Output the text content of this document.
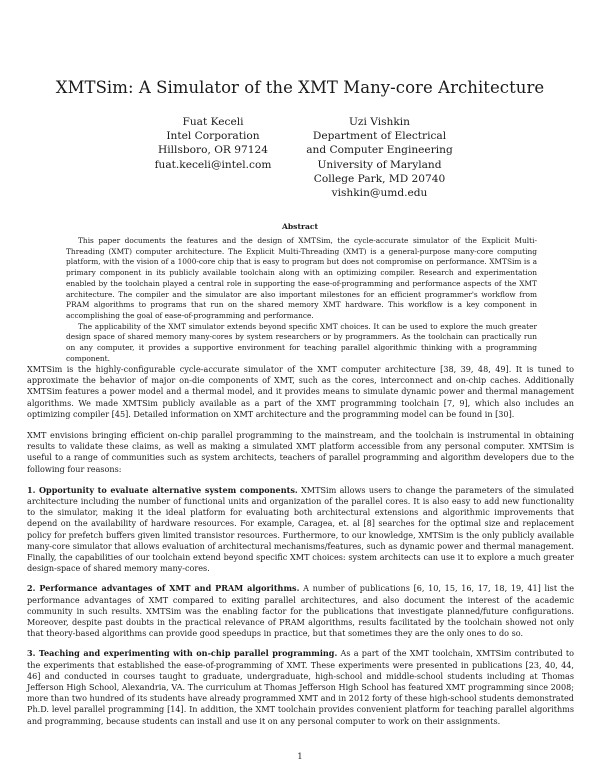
XMTSim: A Simulator of the XMT Many-core Architecture
Fuat Keceli
Intel Corporation
Hillsboro, OR 97124
fuat.keceli@intel.com
Uzi Vishkin
Department of Electrical
and Computer Engineering
University of Maryland
College Park, MD 20740
vishkin@umd.edu
Abstract

This paper documents the features and the design of XMTSim, the cycle-accurate simulator of the Explicit Multi-Threading (XMT) computer architecture. The Explicit Multi-Threading (XMT) is a general-purpose many-core computing platform, with the vision of a 1000-core chip that is easy to program but does not compromise on performance. XMTSim is a primary component in its publicly available toolchain along with an optimizing compiler. Research and experimentation enabled by the toolchain played a central role in supporting the ease-of-programming and performance aspects of the XMT architecture. The compiler and the simulator are also important milestones for an efficient programmer's workflow from PRAM algorithms to programs that run on the shared memory XMT hardware. This workflow is a key component in accomplishing the goal of ease-of-programming and performance.

The applicability of the XMT simulator extends beyond specific XMT choices. It can be used to explore the much greater design space of shared memory many-cores by system researchers or by programmers. As the toolchain can practically run on any computer, it provides a supportive environment for teaching parallel algorithmic thinking with a programming component.

XMTSim is the highly-configurable cycle-accurate simulator of the XMT computer architecture [38, 39, 48, 49]. It is tuned to approximate the behavior of major on-die components of XMT, such as the cores, interconnect and on-chip caches. Additionally XMTSim features a power model and a thermal model, and it provides means to simulate dynamic power and thermal management algorithms. We made XMTSim publicly available as a part of the XMT programming toolchain [7, 9], which also includes an optimizing compiler [45]. Detailed information on XMT architecture and the programming model can be found in [30].

XMT envisions bringing efficient on-chip parallel programming to the mainstream, and the toolchain is instrumental in obtaining results to validate these claims, as well as making a simulated XMT platform accessible from any personal computer. XMTSim is useful to a range of communities such as system architects, teachers of parallel programming and algorithm developers due to the following four reasons:

1. Opportunity to evaluate alternative system components. XMTSim allows users to change the parameters of the simulated architecture including the number of functional units and organization of the parallel cores. It is also easy to add new functionality to the simulator, making it the ideal platform for evaluating both architectural extensions and algorithmic improvements that depend on the availability of hardware resources. For example, Caragea, et. al [8] searches for the optimal size and replacement policy for prefetch buffers given limited transistor resources. Furthermore, to our knowledge, XMTSim is the only publicly available many-core simulator that allows evaluation of architectural mechanisms/features, such as dynamic power and thermal management. Finally, the capabilities of our toolchain extend beyond specific XMT choices: system architects can use it to explore a much greater design-space of shared memory many-cores.

2. Performance advantages of XMT and PRAM algorithms. A number of publications [6, 10, 15, 16, 17, 18, 19, 41] list the performance advantages of XMT compared to exiting parallel architectures, and also document the interest of the academic community in such results. XMTSim was the enabling factor for the publications that investigate planned/future configurations. Moreover, despite past doubts in the practical relevance of PRAM algorithms, results facilitated by the toolchain showed not only that theory-based algorithms can provide good speedups in practice, but that sometimes they are the only ones to do so.

3. Teaching and experimenting with on-chip parallel programming. As a part of the XMT toolchain, XMTSim contributed to the experiments that established the ease-of-programming of XMT. These experiments were presented in publications [23, 40, 44, 46] and conducted in courses taught to graduate, undergraduate, high-school and middle-school students including at Thomas Jefferson High School, Alexandria, VA. The curriculum at Thomas Jefferson High School has featured XMT programming since 2008; more than two hundred of its students have already programmed XMT and in 2012 forty of these high-school students demonstrated Ph.D. level parallel programming [14]. In addition, the XMT toolchain provides convenient platform for teaching parallel algorithms and programming, because students can install and use it on any personal computer to work on their assignments.

1
